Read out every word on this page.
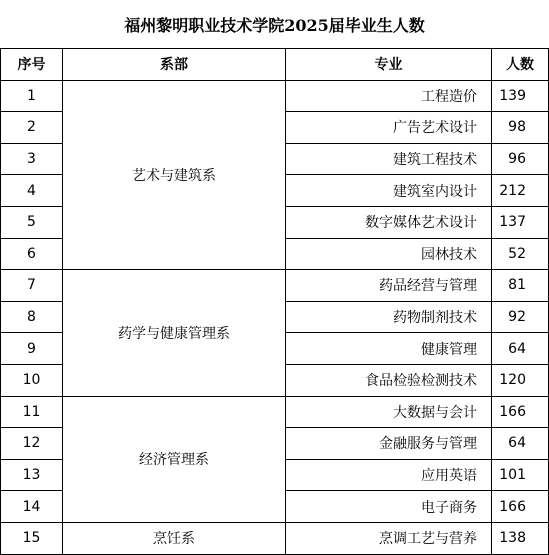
福州黎明职业技术学院2025届毕业生人数
序号	系部	专业	人数
1	艺术与建筑系	工程造价	139
2		广告艺术设计	98
3		建筑工程技术	96
4		建筑室内设计	212
5		数字媒体艺术设计	137
6		园林技术	52
7	药学与健康管理系	药品经营与管理	81
8		药物制剂技术	92
9		健康管理	64
10		食品检验检测技术	120
11	经济管理系	大数据与会计	166
12		金融服务与管理	64
13		应用英语	101
14		电子商务	166
15	烹饪系	烹调工艺与营养	138
